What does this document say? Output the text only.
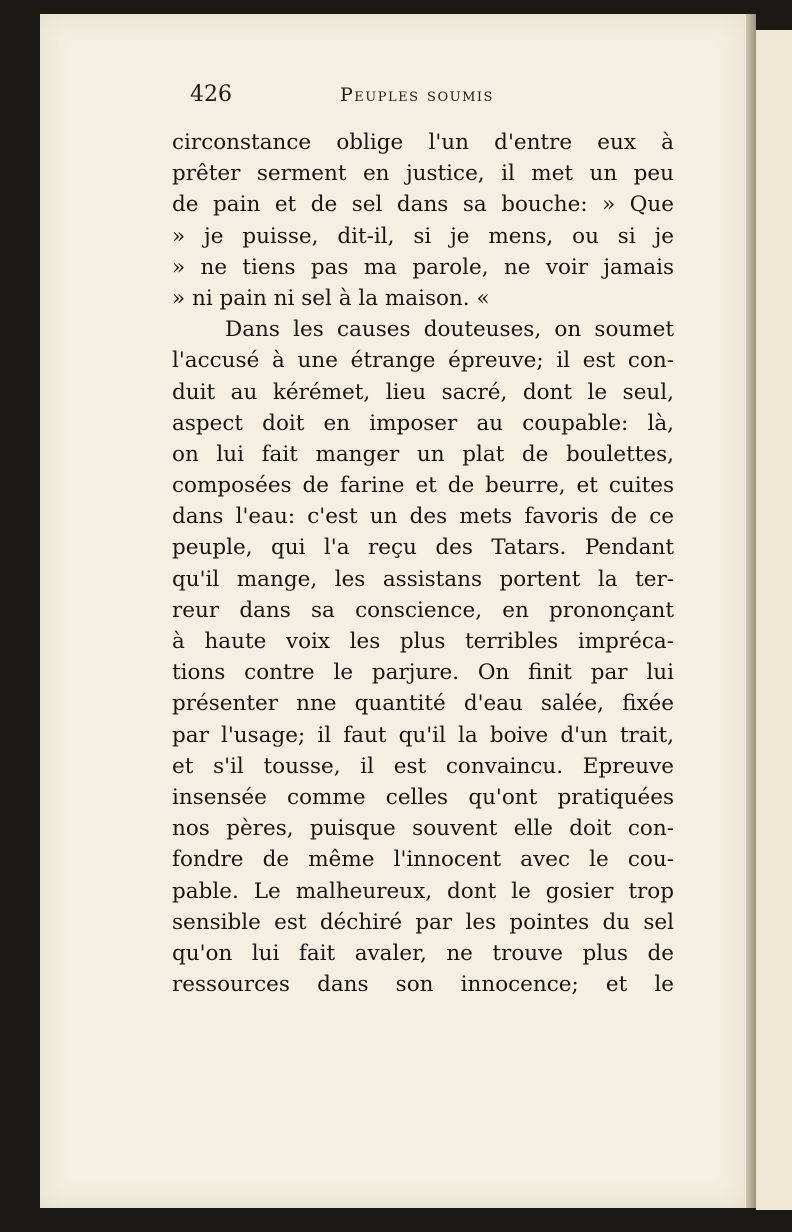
426	Peuples soumis
circonstance oblige l'un d'entre eux à
prêter serment en justice, il met un peu
de pain et de sel dans sa bouche: » Que
» je puisse, dit-il, si je mens, ou si je
» ne tiens pas ma parole, ne voir jamais
» ni pain ni sel à la maison. «
Dans les causes douteuses, on soumet
l'accusé à une étrange épreuve; il est con-
duit au kérémet, lieu sacré, dont le seul,
aspect doit en imposer au coupable: là,
on lui fait manger un plat de boulettes,
composées de farine et de beurre, et cuites
dans l'eau: c'est un des mets favoris de ce
peuple, qui l'a reçu des Tatars. Pendant
qu'il mange, les assistans portent la ter-
reur dans sa conscience, en prononçant
à haute voix les plus terribles impréca-
tions contre le parjure. On finit par lui
présenter nne quantité d'eau salée, fixée
par l'usage; il faut qu'il la boive d'un trait,
et s'il tousse, il est convaincu. Epreuve
insensée comme celles qu'ont pratiquées
nos pères, puisque souvent elle doit con-
fondre de même l'innocent avec le cou-
pable. Le malheureux, dont le gosier trop
sensible est déchiré par les pointes du sel
qu'on lui fait avaler, ne trouve plus de
ressources dans son innocence; et le
